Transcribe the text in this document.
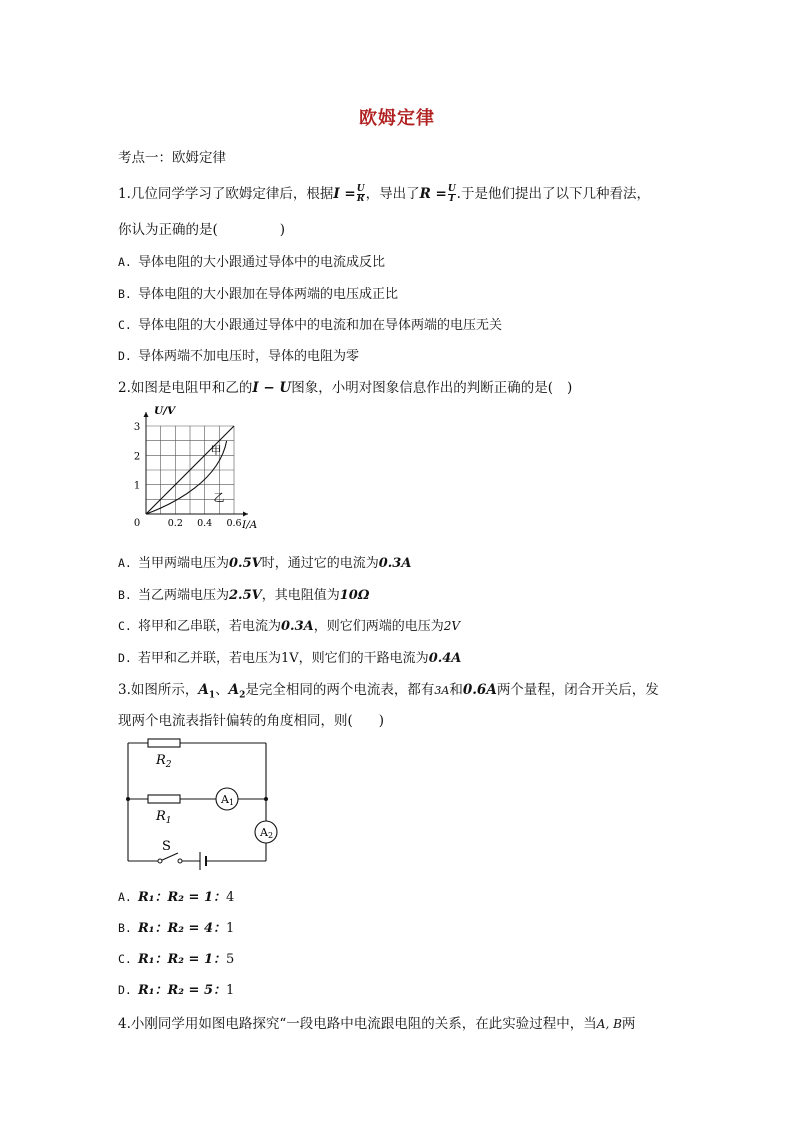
欧姆定律
考点一：欧姆定律
1.几位同学学习了欧姆定律后，根据$I = \frac{U}{R}$ ，导出了$R = \frac{U}{I}$ .于是他们提出了以下几种看法，
你认为正确的是(	)
A. 导体电阻的大小跟通过导体中的电流成反比
B. 导体电阻的大小跟加在导体两端的电压成正比
C. 导体电阻的大小跟通过导体中的电流和加在导体两端的电压无关
D. 导体两端不加电压时，导体的电阻为零
2.如图是电阻甲和乙的I − U图象，小明对图象信息作出的判断正确的是( )
1
2
3
0.2 0.4 0.6
0
U/V
I/A
甲
乙
A. 当甲两端电压为0.5V时，通过它的电流为0.3A
B. 当乙两端电压为2.5V，其电阻值为10Ω
C. 将甲和乙串联，若电流为0.3A，则它们两端的电压为2V
D. 若甲和乙并联，若电压为1V，则它们的干路电流为0.4A
3.如图所示，$A_1$、$A_2$是完全相同的两个电流表，都有3A和0.6A两个量程，闭合开关后，发
现两个电流表指针偏转的角度相同，则( )
$R_2$
$R_1$
A1
A2
S
A. R₁：R₂ = 1：4
B. R₁：R₂ = 4：1
C. R₁：R₂ = 1：5
D. R₁：R₂ = 5：1
4.小刚同学用如图电路探究“一段电路中电流跟电阻的关系，在此实验过程中，当A, B两
